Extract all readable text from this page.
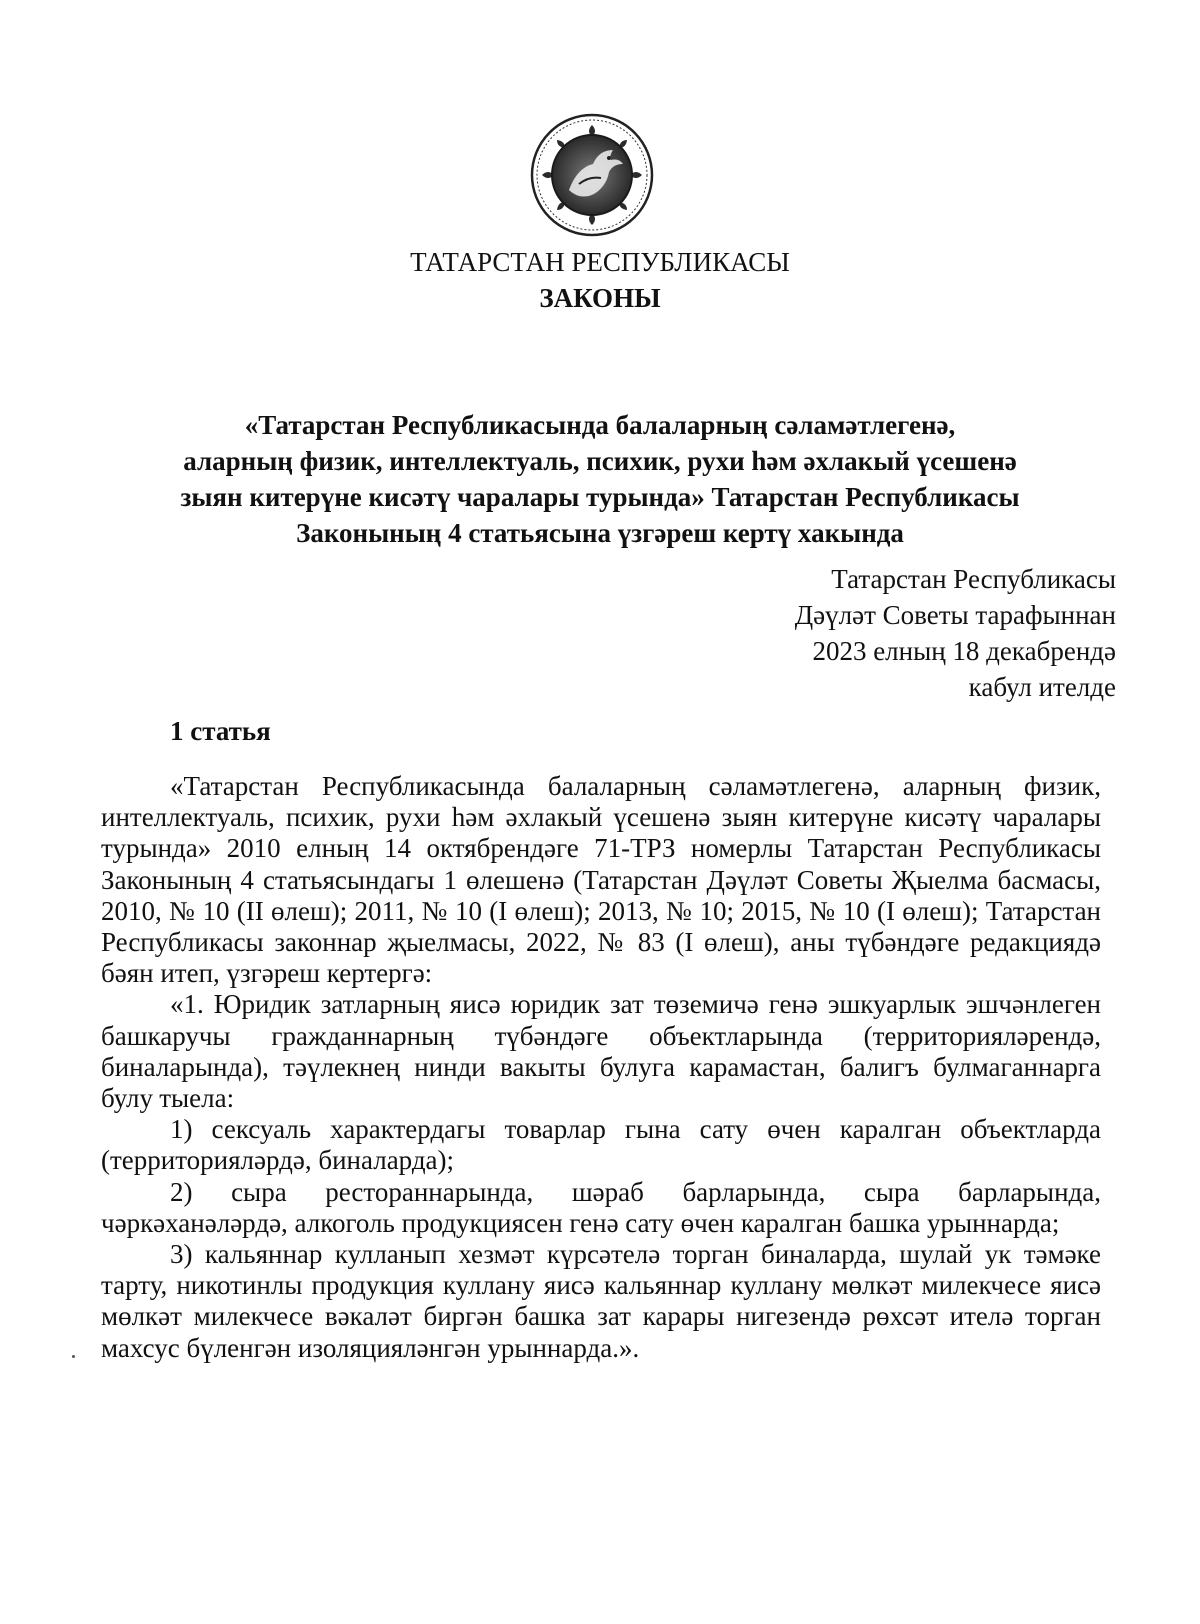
ТАТАРСТАН РЕСПУБЛИКАСЫ
ЗАКОНЫ
«Татарстан Республикасында балаларның сәламәтлегенә,
аларның физик, интеллектуаль, психик, рухи һәм әхлакый үсешенә
зыян китерүне кисәтү чаралары турында» Татарстан Республикасы
Законының 4 статьясына үзгәреш кертү хакында
Татарстан Республикасы
Дәүләт Советы тарафыннан
2023 елның 18 декабрендә
кабул ителде
1 статья

«Татарстан Республикасында балаларның сәламәтлегенә, аларның физик, интеллектуаль, психик, рухи һәм әхлакый үсешенә зыян китерүне кисәтү чаралары турында» 2010 елның 14 октябрендәге 71-ТРЗ номерлы Татарстан Республикасы Законының 4 статьясындагы 1 өлешенә (Татарстан Дәүләт Советы Җыелма басмасы, 2010, № 10 (II өлеш); 2011, № 10 (I өлеш); 2013, № 10; 2015, № 10 (I өлеш); Татарстан Республикасы законнар җыелмасы, 2022, № 83 (I өлеш), аны түбәндәге редакциядә бәян итеп, үзгәреш кертергә:

«1. Юридик затларның яисә юридик зат төземичә генә эшкуарлык эшчәнлеген башкаручы гражданнарның түбәндәге объектларында (территорияләрендә, биналарында), тәүлекнең нинди вакыты булуга карамастан, балигъ булмаганнарга булу тыела:

1) сексуаль характердагы товарлар гына сату өчен каралган объектларда (территорияләрдә, биналарда);

2) сыра рестораннарында, шәраб барларында, сыра барларында, чәркәханәләрдә, алкоголь продукциясен генә сату өчен каралган башка урыннарда;

3) кальяннар кулланып хезмәт күрсәтелә торган биналарда, шулай ук тәмәке тарту, никотинлы продукция куллану яисә кальяннар куллану мөлкәт милекчесе яисә мөлкәт милекчесе вәкаләт биргән башка зат карары нигезендә рөхсәт ителә торган махсус бүленгән изоляцияләнгән урыннарда.».
